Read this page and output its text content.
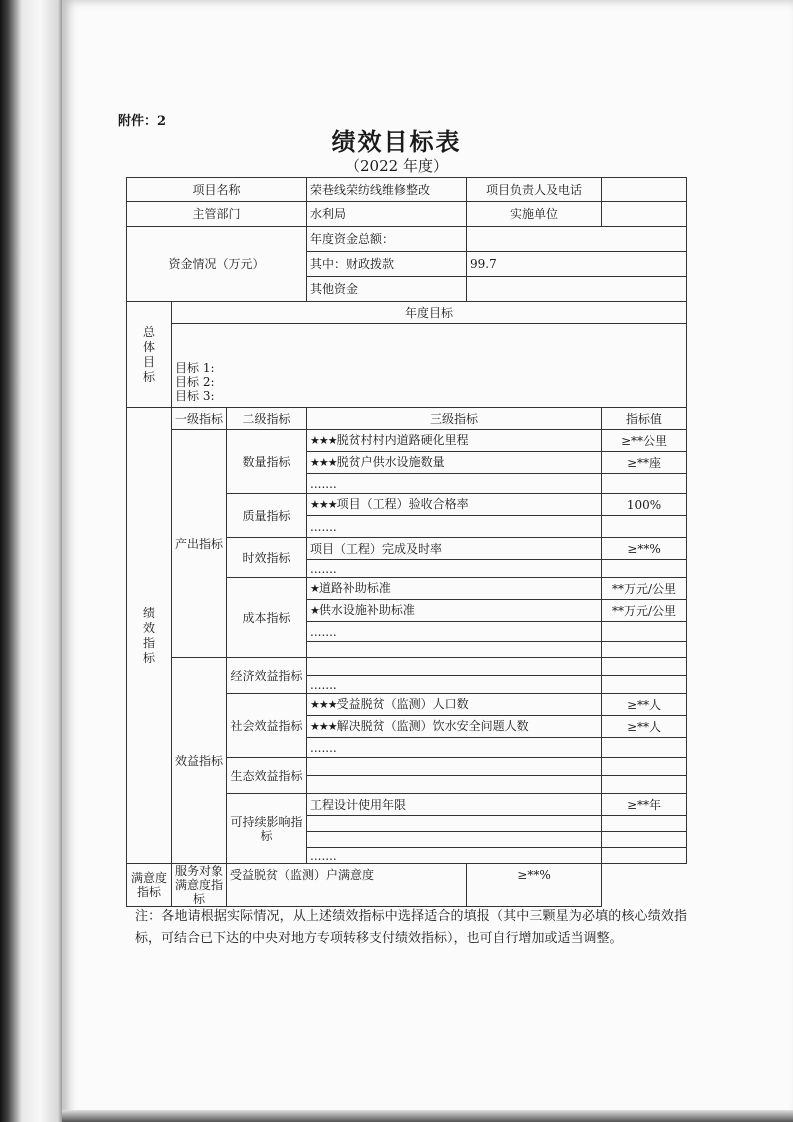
附件：2
绩效目标表
（2022 年度）
项目名称			荣巷线荣纺线维修整改	项目负责人及电话	
主管部门			水利局	实施单位	
资金情况（万元）			年度资金总额：		
			其中：财政拨款	99.7	
			其他资金		

总
体
目
标	年度目标				

	目标 1:
目标 2:
目标 3:				

绩
效
指
标	一级指标	二级指标	三级指标		指标值
	产出指标	数量指标	★★★脱贫村村内道路硬化里程		≥**公里
			★★★脱贫户供水设施数量		≥**座
			.......		
		质量指标	★★★项目（工程）验收合格率		100%
			.......		
		时效指标	项目（工程）完成及时率		≥**%
			.......		
		成本指标	★道路补助标准		**万元/公里
			★供水设施补助标准		**万元/公里
			.......		

	效益指标	经济效益指标			
			.......		
		社会效益指标	★★★受益脱贫（监测）人口数		≥**人
			★★★解决脱贫（监测）饮水安全问题人数		≥**人
			.......		
		生态效益指标			

		可持续影响指标	工程设计使用年限		≥**年

			.......		
满意度指标	服务对象满意度指标	受益脱贫（监测）户满意度		≥**%	
注：各地请根据实际情况，从上述绩效指标中选择适合的填报（其中三颗星为必填的核心绩效指标，可结合已下达的中央对地方专项转移支付绩效指标），也可自行增加或适当调整。
